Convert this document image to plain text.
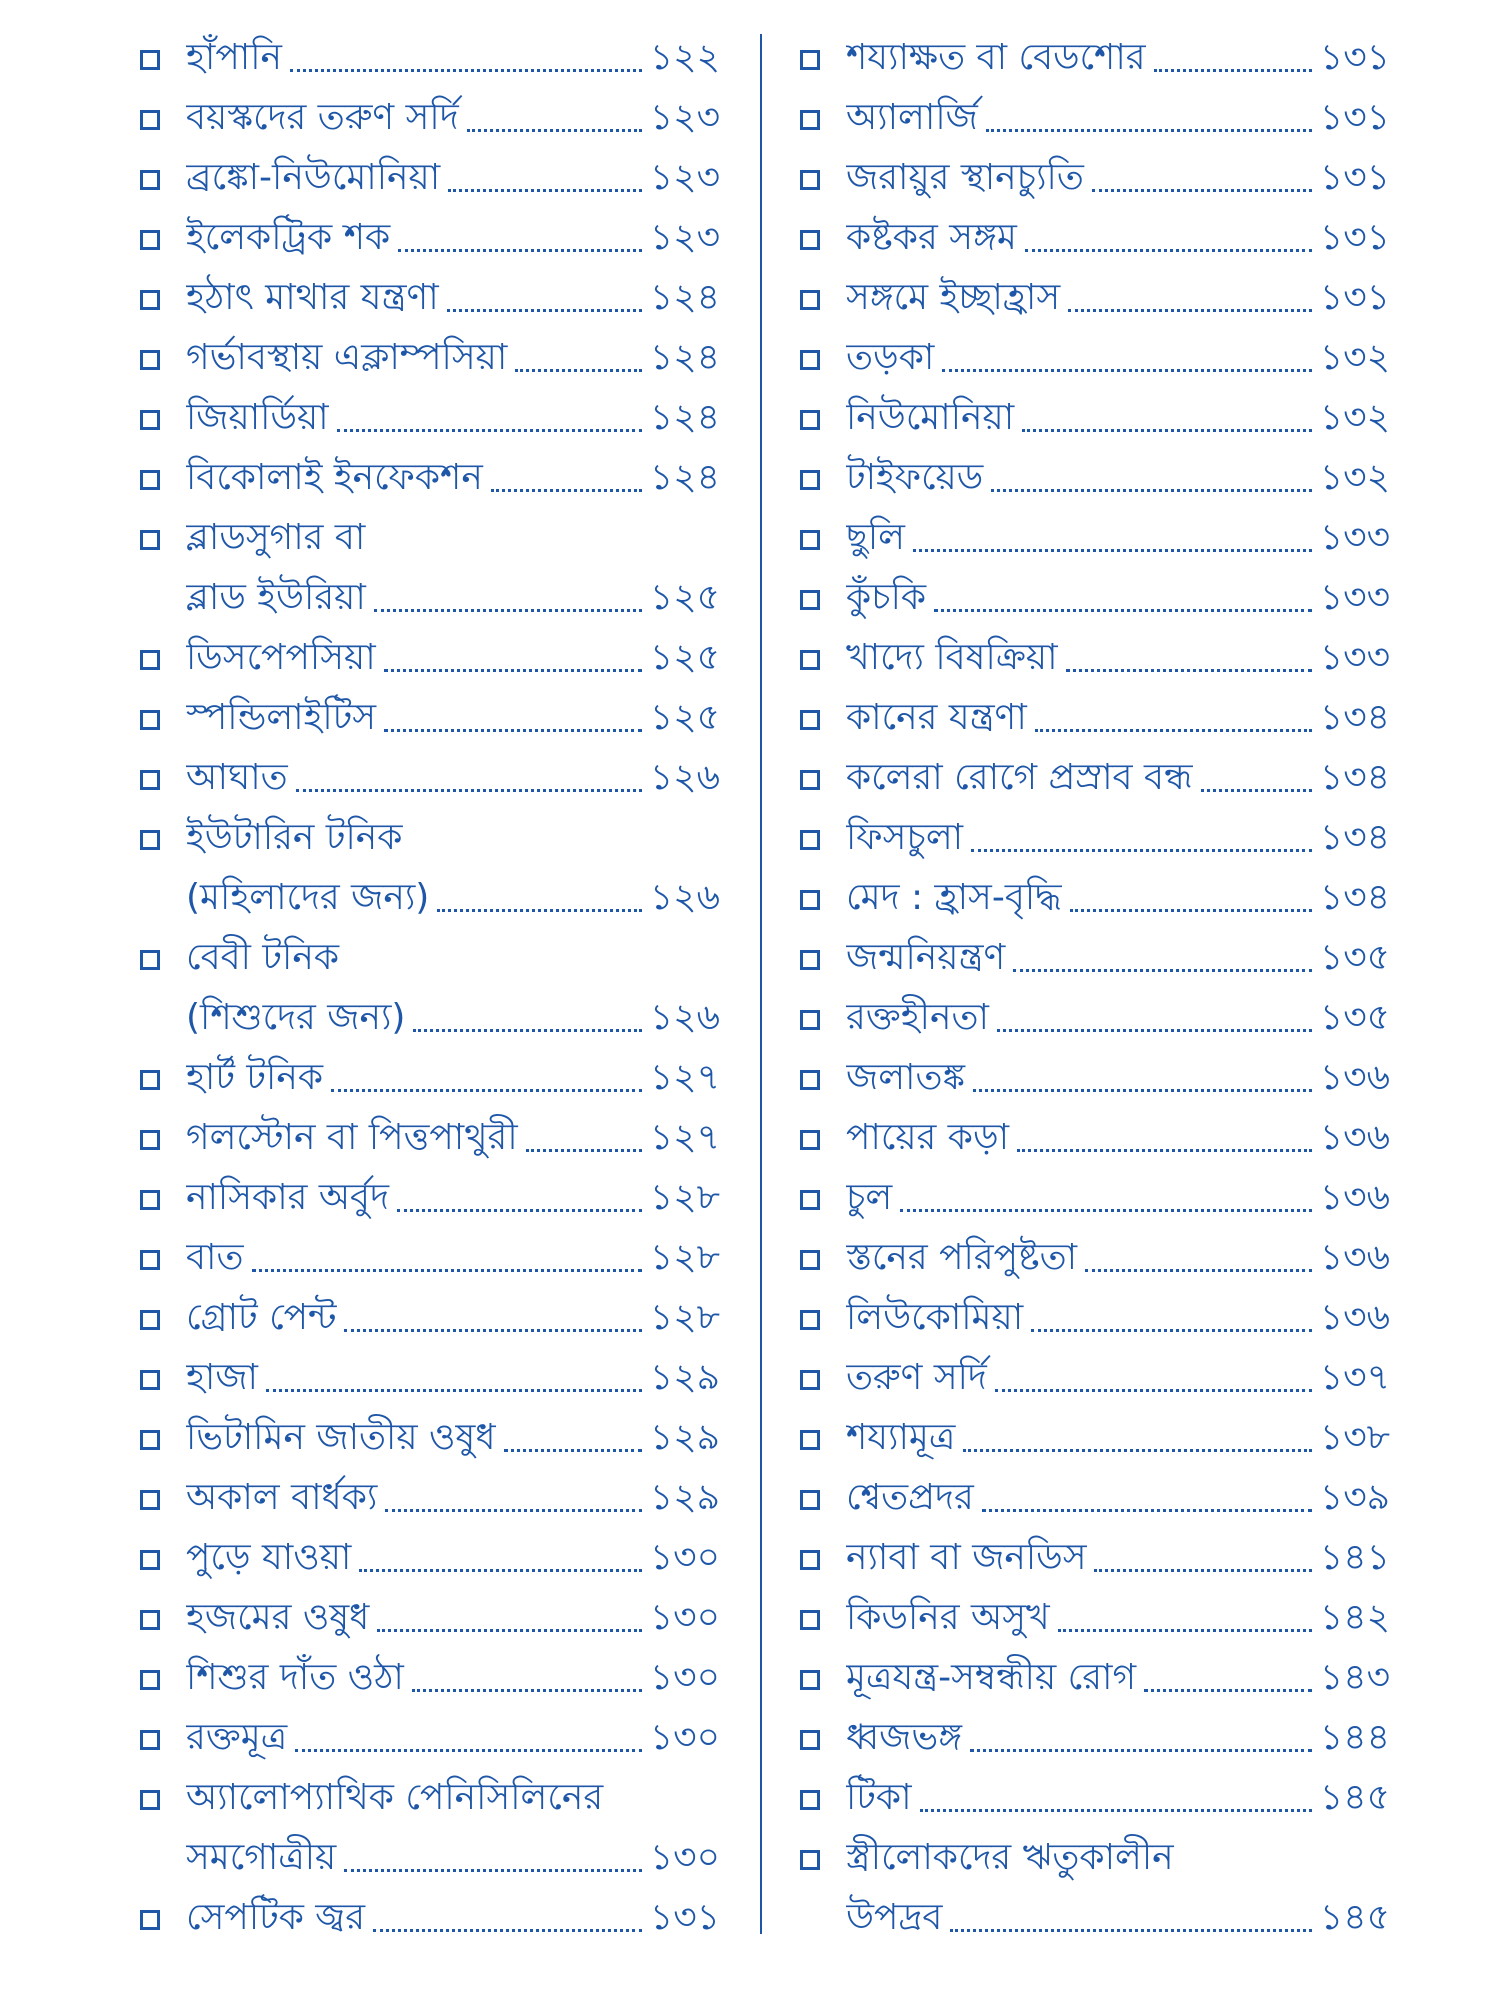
হাঁপানি	১২২
বয়স্কদের তরুণ সর্দি	১২৩
ব্রঙ্কো-নিউমোনিয়া	১২৩
ইলেকট্রিক শক	১২৩
হঠাৎ মাথার যন্ত্রণা	১২৪
গর্ভাবস্থায় এক্লাম্পসিয়া	১২৪
জিয়ার্ডিয়া	১২৪
বিকোলাই ইনফেকশন	১২৪
ব্লাডসুগার বা
ব্লাড ইউরিয়া	১২৫
ডিসপেপসিয়া	১২৫
স্পন্ডিলাইটিস	১২৫
আঘাত	১২৬
ইউটারিন টনিক
(মহিলাদের জন্য)	১২৬
বেবী টনিক
(শিশুদের জন্য)	১২৬
হার্ট টনিক	১২৭
গলস্টোন বা পিত্তপাথুরী	১২৭
নাসিকার অর্বুদ	১২৮
বাত	১২৮
গ্রোট পেন্ট	১২৮
হাজা	১২৯
ভিটামিন জাতীয় ওষুধ	১২৯
অকাল বার্ধক্য	১২৯
পুড়ে যাওয়া	১৩০
হজমের ওষুধ	১৩০
শিশুর দাঁত ওঠা	১৩০
রক্তমূত্র	১৩০
অ্যালোপ্যাথিক পেনিসিলিনের
সমগোত্রীয়	১৩০
সেপটিক জ্বর	১৩১
শয্যাক্ষত বা বেডশোর	১৩১
অ্যালার্জি	১৩১
জরায়ুর স্থানচ্যুতি	১৩১
কষ্টকর সঙ্গম	১৩১
সঙ্গমে ইচ্ছাহ্রাস	১৩১
তড়কা	১৩২
নিউমোনিয়া	১৩২
টাইফয়েড	১৩২
ছুলি	১৩৩
কুঁচকি	১৩৩
খাদ্যে বিষক্রিয়া	১৩৩
কানের যন্ত্রণা	১৩৪
কলেরা রোগে প্রস্রাব বন্ধ	১৩৪
ফিসচুলা	১৩৪
মেদ : হ্রাস-বৃদ্ধি	১৩৪
জন্মনিয়ন্ত্রণ	১৩৫
রক্তহীনতা	১৩৫
জলাতঙ্ক	১৩৬
পায়ের কড়া	১৩৬
চুল	১৩৬
স্তনের পরিপুষ্টতা	১৩৬
লিউকোমিয়া	১৩৬
তরুণ সর্দি	১৩৭
শয্যামূত্র	১৩৮
শ্বেতপ্রদর	১৩৯
ন্যাবা বা জনডিস	১৪১
কিডনির অসুখ	১৪২
মূত্রযন্ত্র-সম্বন্ধীয় রোগ	১৪৩
ধ্বজভঙ্গ	১৪৪
টিকা	১৪৫
স্ত্রীলোকদের ঋতুকালীন
উপদ্রব	১৪৫
